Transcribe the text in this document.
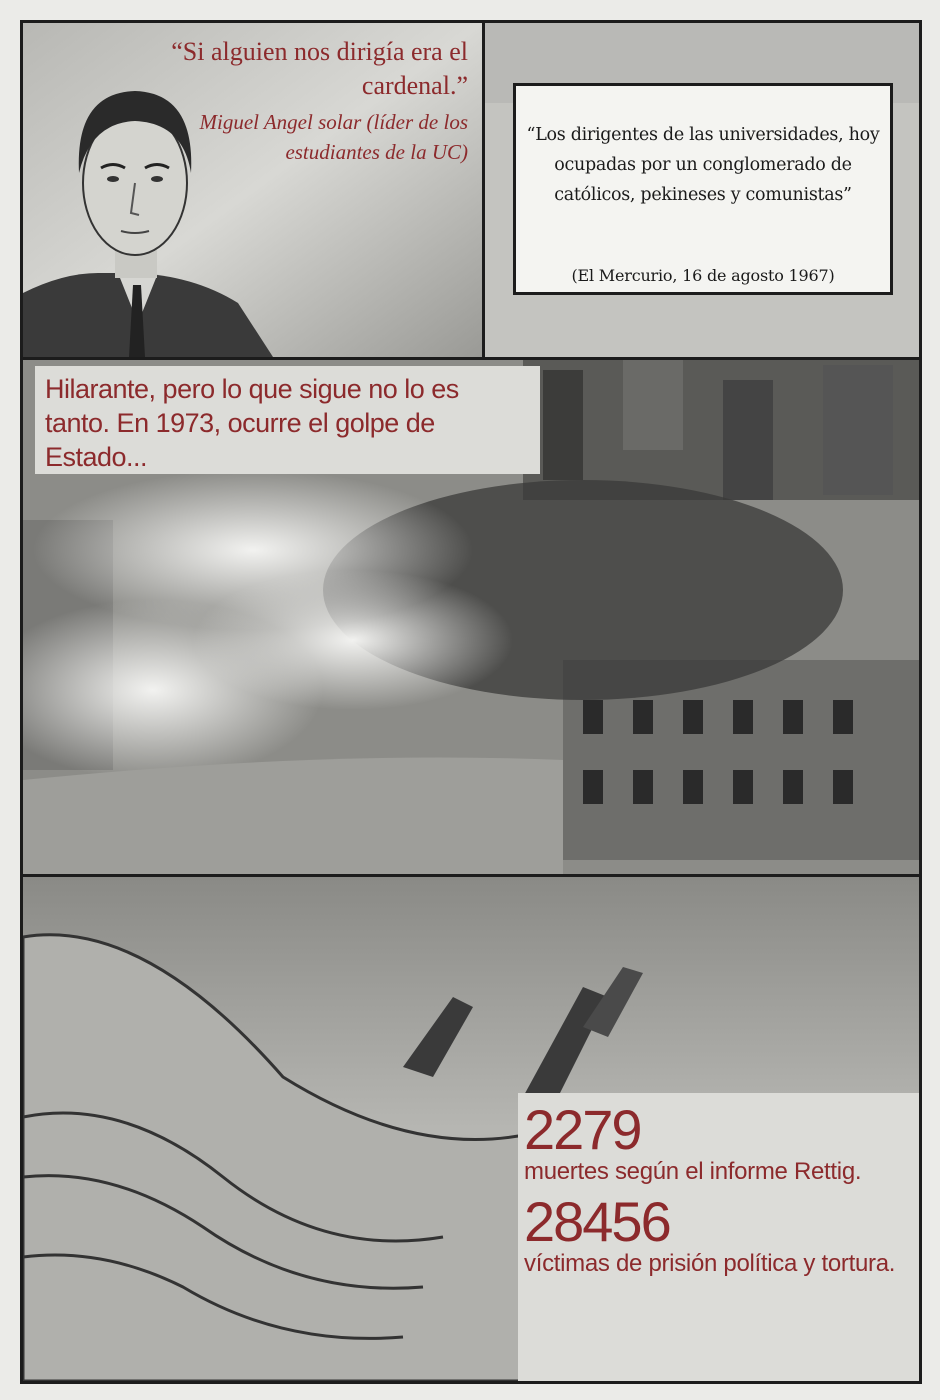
“Si alguien nos dirigía era el cardenal.”
Miguel Angel solar (líder de los estudiantes de la UC)
“Los dirigentes de las universidades, hoy ocupadas por un conglomerado de católicos, pekineses y comunistas”
(El Mercurio, 16 de agosto 1967)
Hilarante, pero lo que sigue no lo es tanto. En 1973, ocurre el golpe de Estado...
2279
muertes según el informe Rettig.
28456
víctimas de prisión política y tortura.
